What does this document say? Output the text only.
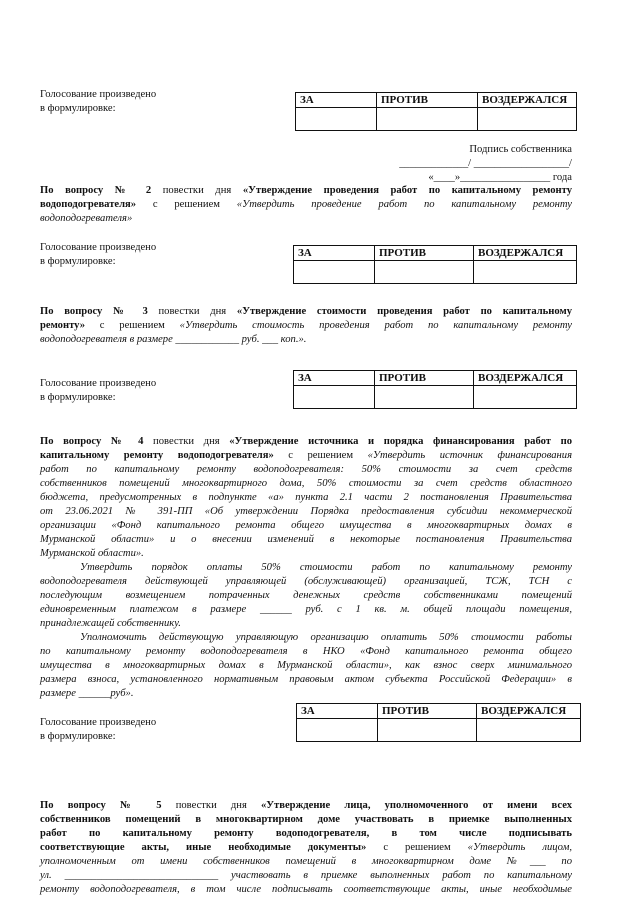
Голосование произведено
в формулировке:
ЗА	ПРОТИВ	ВОЗДЕРЖАЛСЯ

Подпись собственника
_____________/ __________________/
«____»_________________ года
По вопросу № 2 повестки дня «Утверждение проведения работ по капитальному ремонту
водоподогревателя» с решением «Утвердить проведение работ по капитальному ремонту
водоподогревателя»
Голосование произведено
в формулировке:
ЗА	ПРОТИВ	ВОЗДЕРЖАЛСЯ

По вопросу № 3 повестки дня «Утверждение стоимости проведения работ по капитальному
ремонту» с решением «Утвердить стоимость проведения работ по капитальному ремонту
водоподогревателя в размере ____________ руб. ___ коп.».
Голосование произведено
в формулировке:
ЗА	ПРОТИВ	ВОЗДЕРЖАЛСЯ

По вопросу № 4 повестки дня «Утверждение источника и порядка финансирования работ по
капитальному ремонту водоподогревателя» с решением «Утвердить источник финансирования
работ по капитальному ремонту водоподогревателя: 50% стоимости за счет средств
собственников помещений многоквартирного дома, 50% стоимости за счет средств областного
бюджета, предусмотренных в подпункте «а» пункта 2.1 части 2 постановления Правительства
от 23.06.2021 № 391-ПП «Об утверждении Порядка предоставления субсидии некоммерческой
организации «Фонд капитального ремонта общего имущества в многоквартирных домах в
Мурманской области» и о внесении изменений в некоторые постановления Правительства
Мурманской области».
Утвердить порядок оплаты 50% стоимости работ по капитальному ремонту
водоподогревателя действующей управляющей (обслуживающей) организацией, ТСЖ, ТСН с
последующим возмещением потраченных денежных средств собственниками помещений
единовременным платежом в размере ______ руб. с 1 кв. м. общей площади помещения,
принадлежащей собственнику.
Уполномочить действующую управляющую организацию оплатить 50% стоимости работы
по капитальному ремонту водоподогревателя в НКО «Фонд капитального ремонта общего
имущества в многоквартирных домах в Мурманской области», как взнос сверх минимального
размера взноса, установленного нормативным правовым актом субъекта Российской Федерации» в
размере ______руб».
Голосование произведено
в формулировке:
ЗА	ПРОТИВ	ВОЗДЕРЖАЛСЯ

По вопросу № 5 повестки дня «Утверждение лица, уполномоченного от имени всех
собственников помещений в многоквартирном доме участвовать в приемке выполненных
работ по капитальному ремонту водоподогревателя, в том числе подписывать
соответствующие акты, иные необходимые документы» с решением «Утвердить лицом,
уполномоченным от имени собственников помещений в многоквартирном доме №___ по
ул. _____________________________ участвовать в приемке выполненных работ по капитальному
ремонту водоподогревателя, в том числе подписывать соответствующие акты, иные необходимые
